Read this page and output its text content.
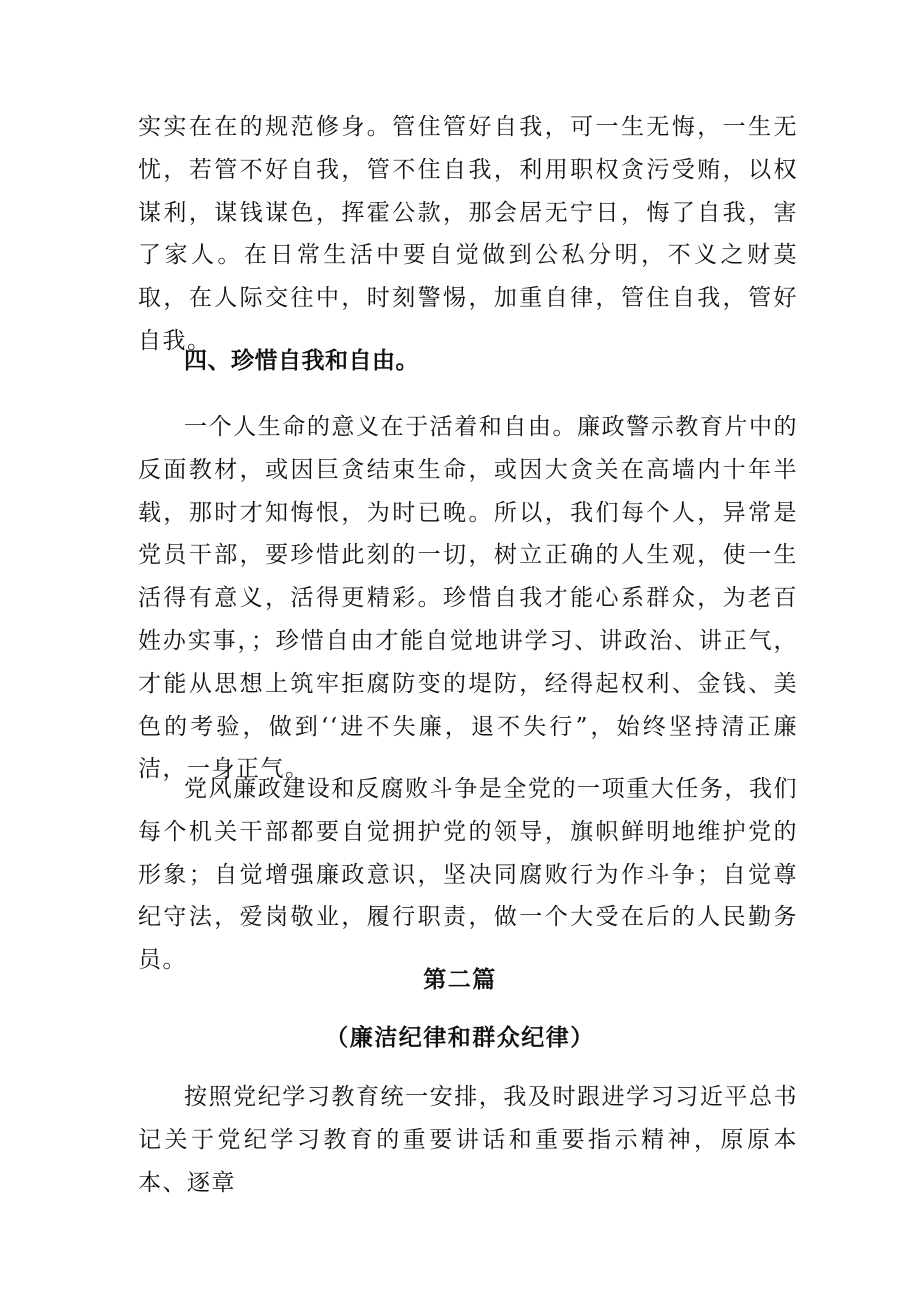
实实在在的规范修身。管住管好自我，可一生无悔，一生无忧，若管不好自我，管不住自我，利用职权贪污受贿，以权谋利，谋钱谋色，挥霍公款，那会居无宁日，悔了自我，害了家人。在日常生活中要自觉做到公私分明，不义之财莫取，在人际交往中，时刻警惕，加重自律，管住自我，管好自我。

四、珍惜自我和自由。

一个人生命的意义在于活着和自由。廉政警示教育片中的反面教材，或因巨贪结束生命，或因大贪关在高墙内十年半载，那时才知悔恨，为时已晚。所以，我们每个人，异常是党员干部，要珍惜此刻的一切，树立正确的人生观，使一生活得有意义，活得更精彩。珍惜自我才能心系群众，为老百姓办实事，；珍惜自由才能自觉地讲学习、讲政治、讲正气，才能从思想上筑牢拒腐防变的堤防，经得起权利、金钱、美色的考验，做到‘‘进不失廉，退不失行”，始终坚持清正廉洁，一身正气。

党风廉政建设和反腐败斗争是全党的一项重大任务，我们每个机关干部都要自觉拥护党的领导，旗帜鲜明地维护党的形象；自觉增强廉政意识，坚决同腐败行为作斗争；自觉尊纪守法，爱岗敬业，履行职责，做一个大受在后的人民勤务员。

第二篇
（廉洁纪律和群众纪律）

按照党纪学习教育统一安排，我及时跟进学习习近平总书记关于党纪学习教育的重要讲话和重要指示精神，原原本本、逐章
